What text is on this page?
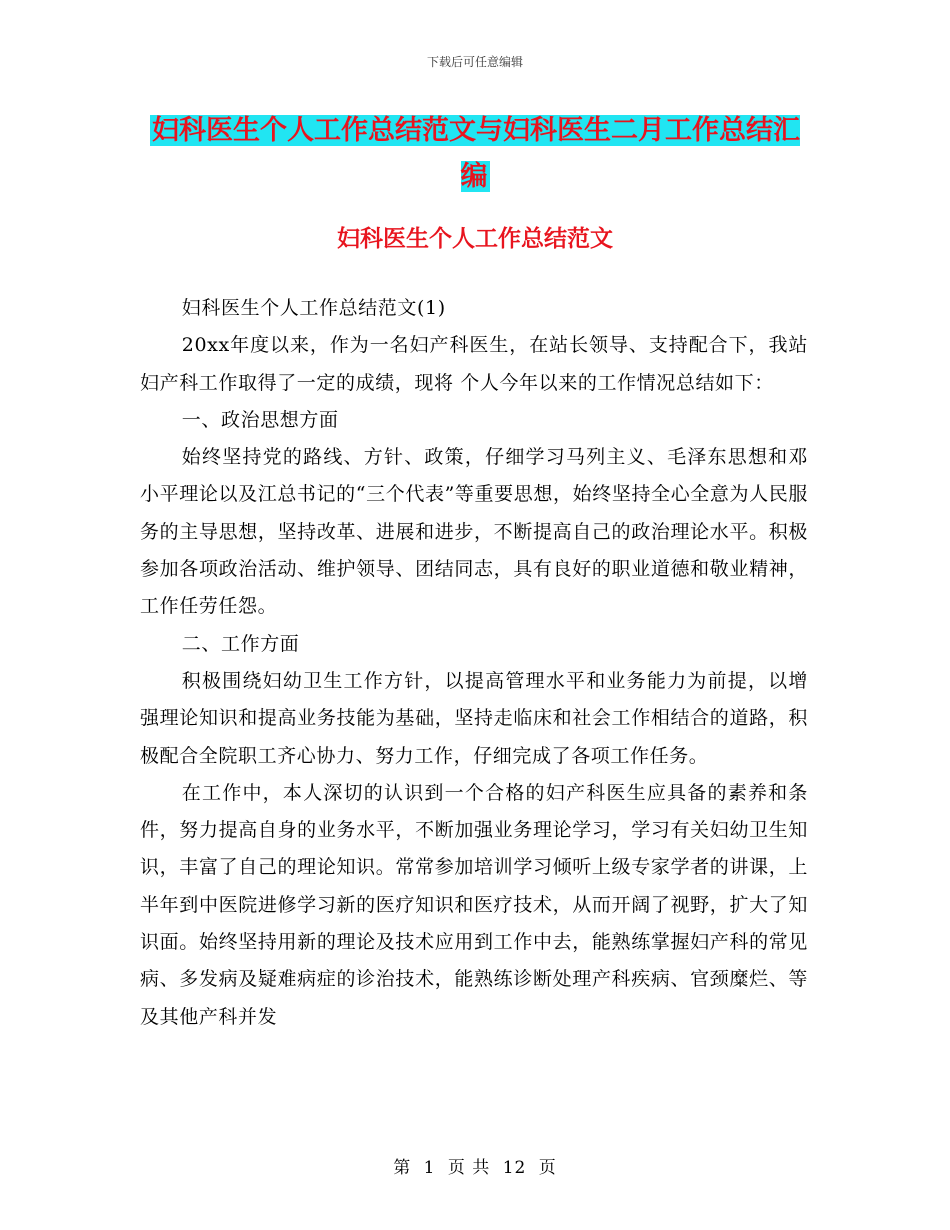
下载后可任意编辑
妇科医生个人工作总结范文与妇科医生二月工作总结汇编
妇科医生个人工作总结范文

妇科医生个人工作总结范文(1)

20xx年度以来，作为一名妇产科医生，在站长领导、支持配合下，我站妇产科工作取得了一定的成绩，现将 个人今年以来的工作情况总结如下：

一、政治思想方面

始终坚持党的路线、方针、政策，仔细学习马列主义、毛泽东思想和邓小平理论以及江总书记的“三个代表”等重要思想，始终坚持全心全意为人民服务的主导思想，坚持改革、进展和进步，不断提高自己的政治理论水平。积极参加各项政治活动、维护领导、团结同志，具有良好的职业道德和敬业精神，工作任劳任怨。

二、工作方面

积极围绕妇幼卫生工作方针，以提高管理水平和业务能力为前提，以增强理论知识和提高业务技能为基础，坚持走临床和社会工作相结合的道路，积极配合全院职工齐心协力、努力工作，仔细完成了各项工作任务。

在工作中，本人深切的认识到一个合格的妇产科医生应具备的素养和条件，努力提高自身的业务水平，不断加强业务理论学习，学习有关妇幼卫生知识，丰富了自己的理论知识。常常参加培训学习倾听上级专家学者的讲课，上半年到中医院进修学习新的医疗知识和医疗技术，从而开阔了视野，扩大了知识面。始终坚持用新的理论及技术应用到工作中去，能熟练掌握妇产科的常见病、多发病及疑难病症的诊治技术，能熟练诊断处理产科疾病、官颈糜烂、等及其他产科并发

第 1 页 共 12 页
